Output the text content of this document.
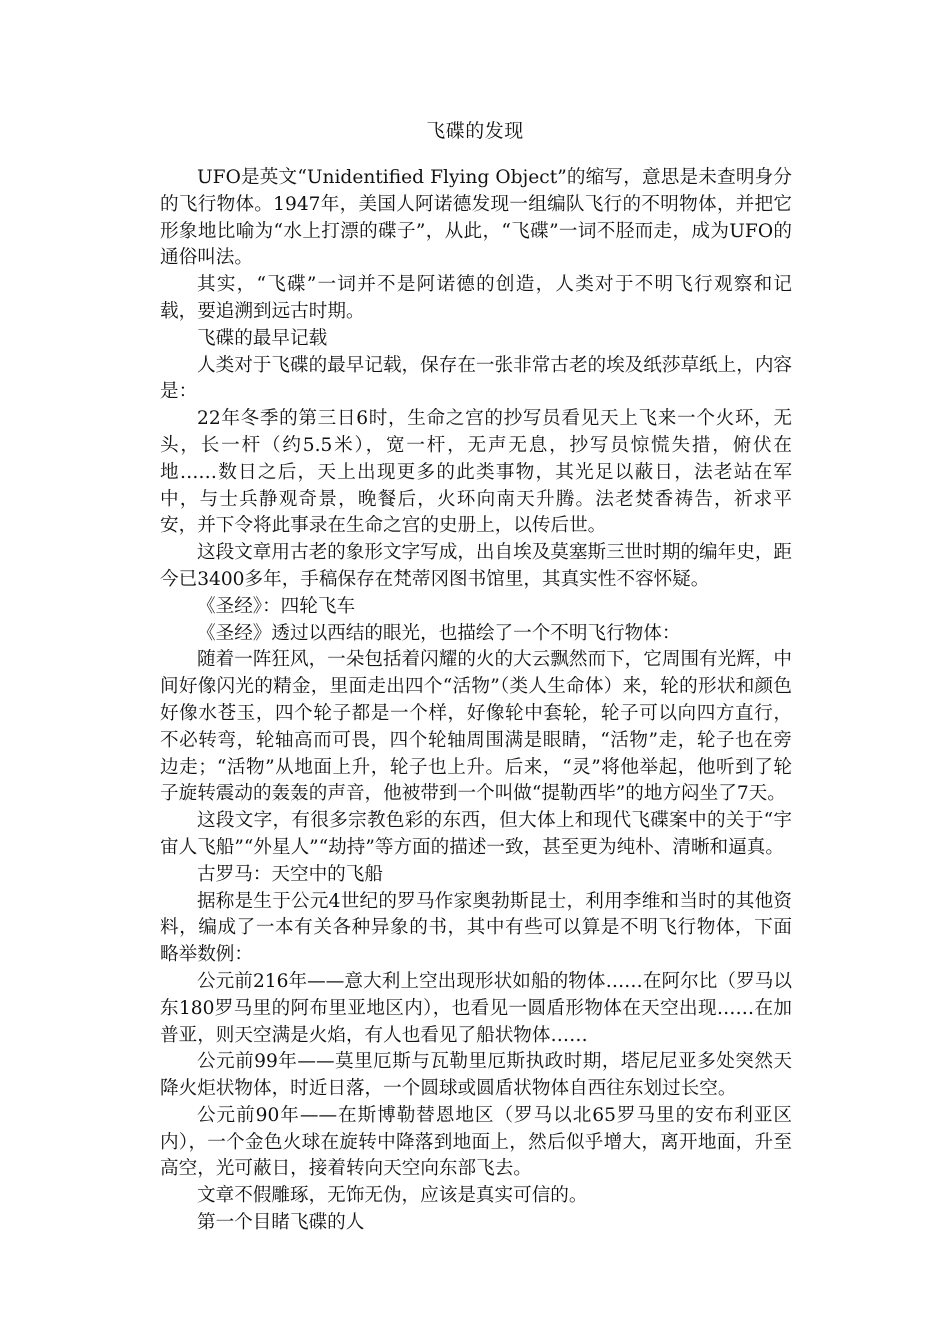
飞碟的发现

UFO是英文“Unidentified Flying Object”的缩写，意思是未查明身分的飞行物体。1947年，美国人阿诺德发现一组编队飞行的不明物体，并把它形象地比喻为“水上打漂的碟子”，从此，“飞碟”一词不胫而走，成为UFO的通俗叫法。

其实，“飞碟”一词并不是阿诺德的创造，人类对于不明飞行观察和记载，要追溯到远古时期。

飞碟的最早记载

人类对于飞碟的最早记载，保存在一张非常古老的埃及纸莎草纸上，内容是：

22年冬季的第三日6时，生命之宫的抄写员看见天上飞来一个火环，无头，长一杆（约5.5米），宽一杆，无声无息，抄写员惊慌失措，俯伏在地……数日之后，天上出现更多的此类事物，其光足以蔽日，法老站在军中，与士兵静观奇景，晚餐后，火环向南天升腾。法老焚香祷告，祈求平安，并下令将此事录在生命之宫的史册上，以传后世。

这段文章用古老的象形文字写成，出自埃及莫塞斯三世时期的编年史，距今已3400多年，手稿保存在梵蒂冈图书馆里，其真实性不容怀疑。

《圣经》：四轮飞车

《圣经》透过以西结的眼光，也描绘了一个不明飞行物体：

随着一阵狂风，一朵包括着闪耀的火的大云飘然而下，它周围有光辉，中间好像闪光的精金，里面走出四个“活物”（类人生命体）来，轮的形状和颜色好像水苍玉，四个轮子都是一个样，好像轮中套轮，轮子可以向四方直行，不必转弯，轮轴高而可畏，四个轮轴周围满是眼睛，“活物”走，轮子也在旁边走；“活物”从地面上升，轮子也上升。后来，“灵”将他举起，他听到了轮子旋转震动的轰轰的声音，他被带到一个叫做“提勒西毕”的地方闷坐了7天。

这段文字，有很多宗教色彩的东西，但大体上和现代飞碟案中的关于“宇宙人飞船”“外星人”“劫持”等方面的描述一致，甚至更为纯朴、清晰和逼真。

古罗马：天空中的飞船

据称是生于公元4世纪的罗马作家奥勃斯昆士，利用李维和当时的其他资料，编成了一本有关各种异象的书，其中有些可以算是不明飞行物体，下面略举数例：

公元前216年——意大利上空出现形状如船的物体……在阿尔比（罗马以东180罗马里的阿布里亚地区内），也看见一圆盾形物体在天空出现……在加普亚，则天空满是火焰，有人也看见了船状物体……

公元前99年——莫里厄斯与瓦勒里厄斯执政时期，塔尼尼亚多处突然天降火炬状物体，时近日落，一个圆球或圆盾状物体自西往东划过长空。

公元前90年——在斯博勒替恩地区（罗马以北65罗马里的安布利亚区内），一个金色火球在旋转中降落到地面上，然后似乎增大，离开地面，升至高空，光可蔽日，接着转向天空向东部飞去。

文章不假雕琢，无饰无伪，应该是真实可信的。

第一个目睹飞碟的人
